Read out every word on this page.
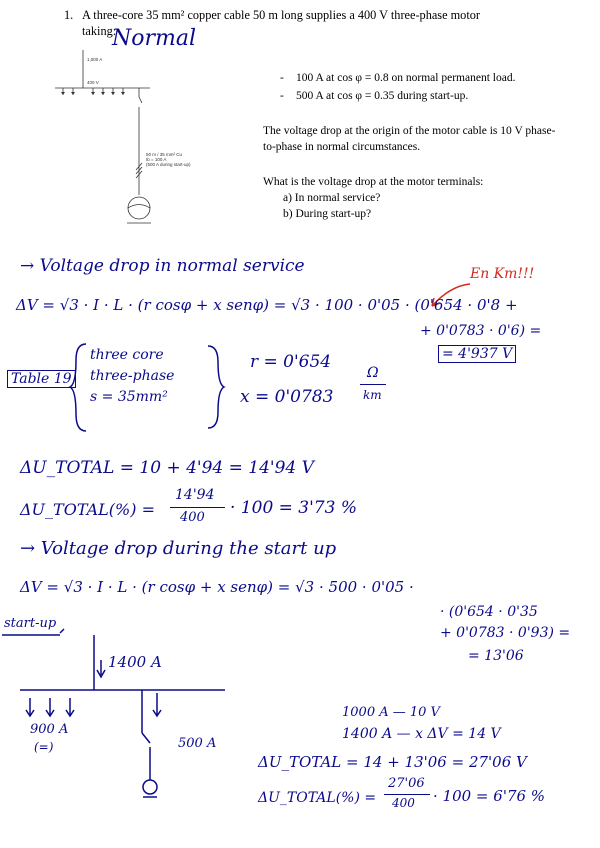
1. A three-core 35 mm² copper cable 50 m long supplies a 400 V three-phase motor
taking:
Normal
- 100 A at cos φ = 0.8 on normal permanent load.
- 500 A at cos φ = 0.35 during start-up.
The voltage drop at the origin of the motor cable is 10 V phase-to-phase in normal circumstances.
What is the voltage drop at the motor terminals:
a) In normal service?
b) During start-up?
1,000 A
400 V
50 m / 35 mm² Cu
Ib = 100 A
(500 A during start-up)
→ Voltage drop in normal service	En Km!!!
ΔV = √3 · I · L · (r cosφ + x senφ) = √3 · 100 · 0'05 · (0'654 · 0'8 +
+ 0'0783 · 0'6) =
= 4'937 V
Table 19
three core
three-phase
s = 35mm²
r = 0'654
x = 0'0783
Ω
km
ΔU_TOTAL = 10 + 4'94 = 14'94 V
ΔU_TOTAL(%) =
14'94
400 · 100 = 3'73 %
→ Voltage drop during the start up
ΔV = √3 · I · L · (r cosφ + x senφ) = √3 · 500 · 0'05 ·
· (0'654 · 0'35
+ 0'0783 · 0'93) =
= 13'06
start-up
1400 A
900 A
(=)	500 A
1000 A — 10 V
1400 A — x ΔV = 14 V
ΔU_TOTAL = 14 + 13'06 = 27'06 V
ΔU_TOTAL(%) =
27'06
400 · 100 = 6'76 %
